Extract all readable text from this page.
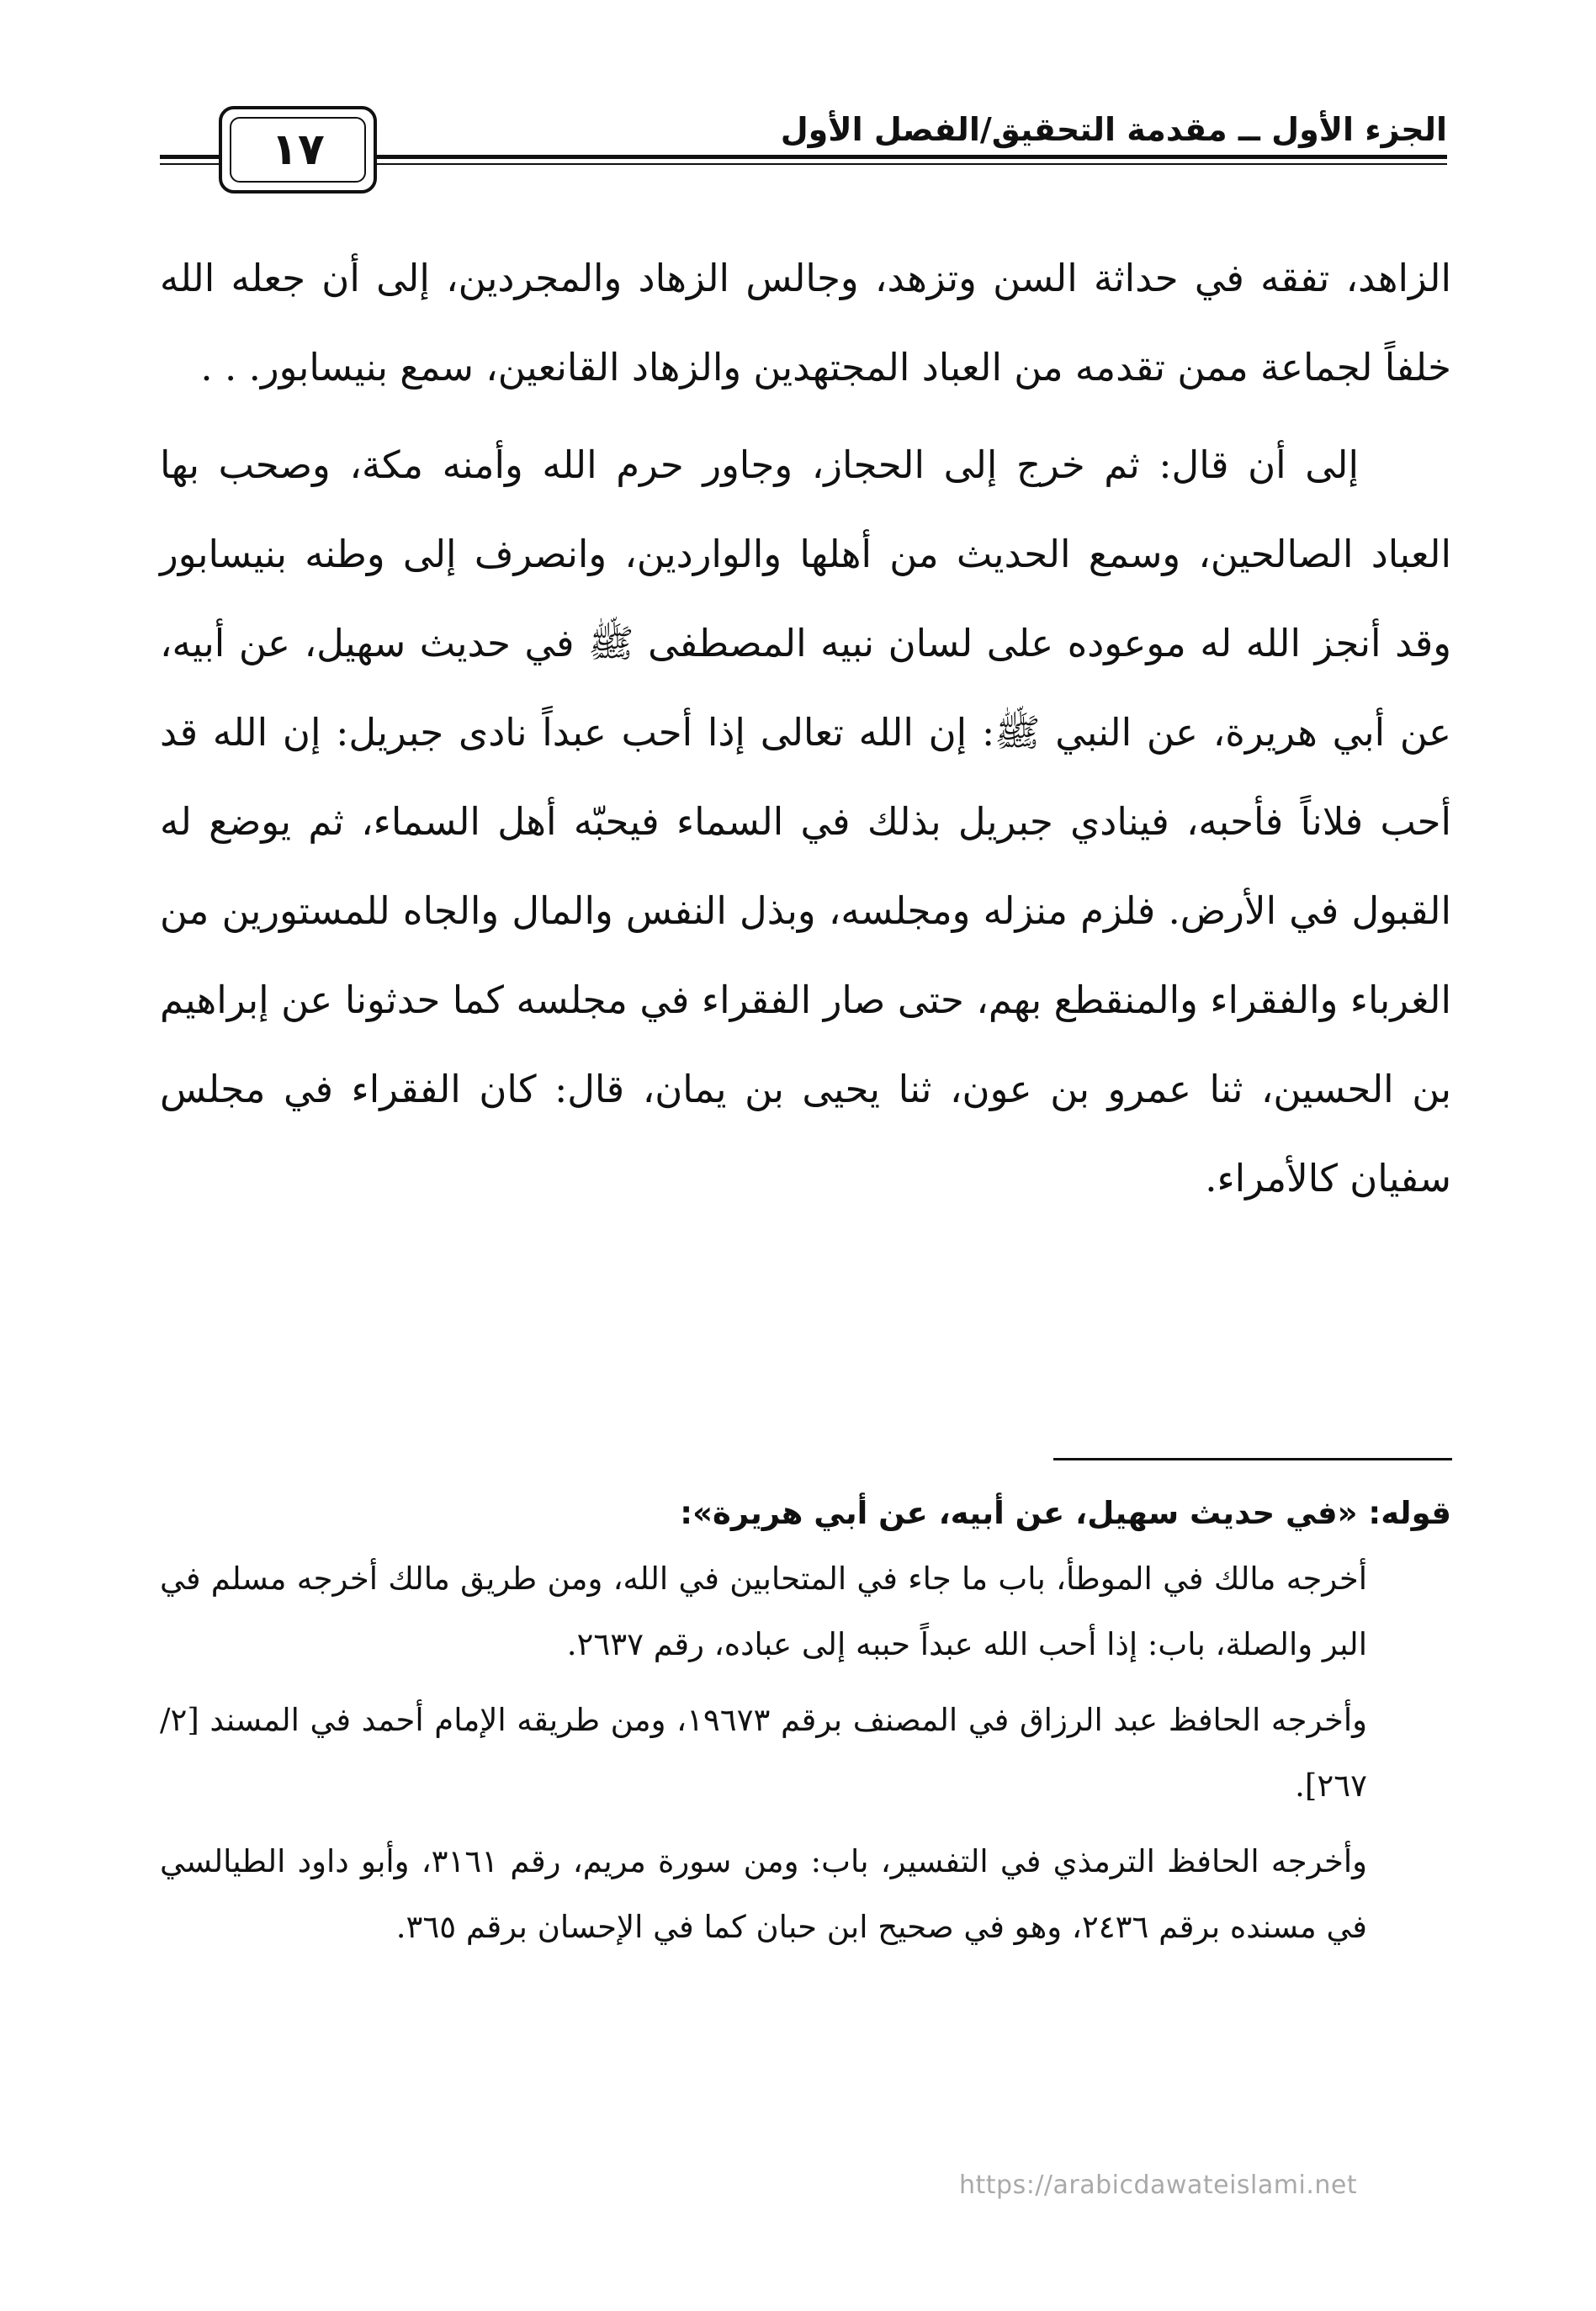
١٧	الجزء الأول ــ مقدمة التحقيق/الفصل الأول

الزاهد، تفقه في حداثة السن وتزهد، وجالس الزهاد والمجردين، إلى أن جعله الله خلفاً لجماعة ممن تقدمه من العباد المجتهدين والزهاد القانعين، سمع بنيسابور. . .

إلى أن قال: ثم خرج إلى الحجاز، وجاور حرم الله وأمنه مكة، وصحب بها العباد الصالحين، وسمع الحديث من أهلها والواردين، وانصرف إلى وطنه بنيسابور وقد أنجز الله له موعوده على لسان نبيه المصطفى ﷺ في حديث سهيل، عن أبيه، عن أبي هريرة، عن النبي ﷺ: إن الله تعالى إذا أحب عبداً نادى جبريل: إن الله قد أحب فلاناً فأحبه، فينادي جبريل بذلك في السماء فيحبّه أهل السماء، ثم يوضع له القبول في الأرض. فلزم منزله ومجلسه، وبذل النفس والمال والجاه للمستورين من الغرباء والفقراء والمنقطع بهم، حتى صار الفقراء في مجلسه كما حدثونا عن إبراهيم بن الحسين، ثنا عمرو بن عون، ثنا يحيى بن يمان، قال: كان الفقراء في مجلس سفيان كالأمراء.

قوله: «في حديث سهيل، عن أبيه، عن أبي هريرة»:

أخرجه مالك في الموطأ، باب ما جاء في المتحابين في الله، ومن طريق مالك أخرجه مسلم في البر والصلة، باب: إذا أحب الله عبداً حببه إلى عباده، رقم ٢٦٣٧.

وأخرجه الحافظ عبد الرزاق في المصنف برقم ١٩٦٧٣، ومن طريقه الإمام أحمد في المسند [٢/ ٢٦٧].

وأخرجه الحافظ الترمذي في التفسير، باب: ومن سورة مريم، رقم ٣١٦١، وأبو داود الطيالسي في مسنده برقم ٢٤٣٦، وهو في صحيح ابن حبان كما في الإحسان برقم ٣٦٥.

https://arabicdawateislami.net
